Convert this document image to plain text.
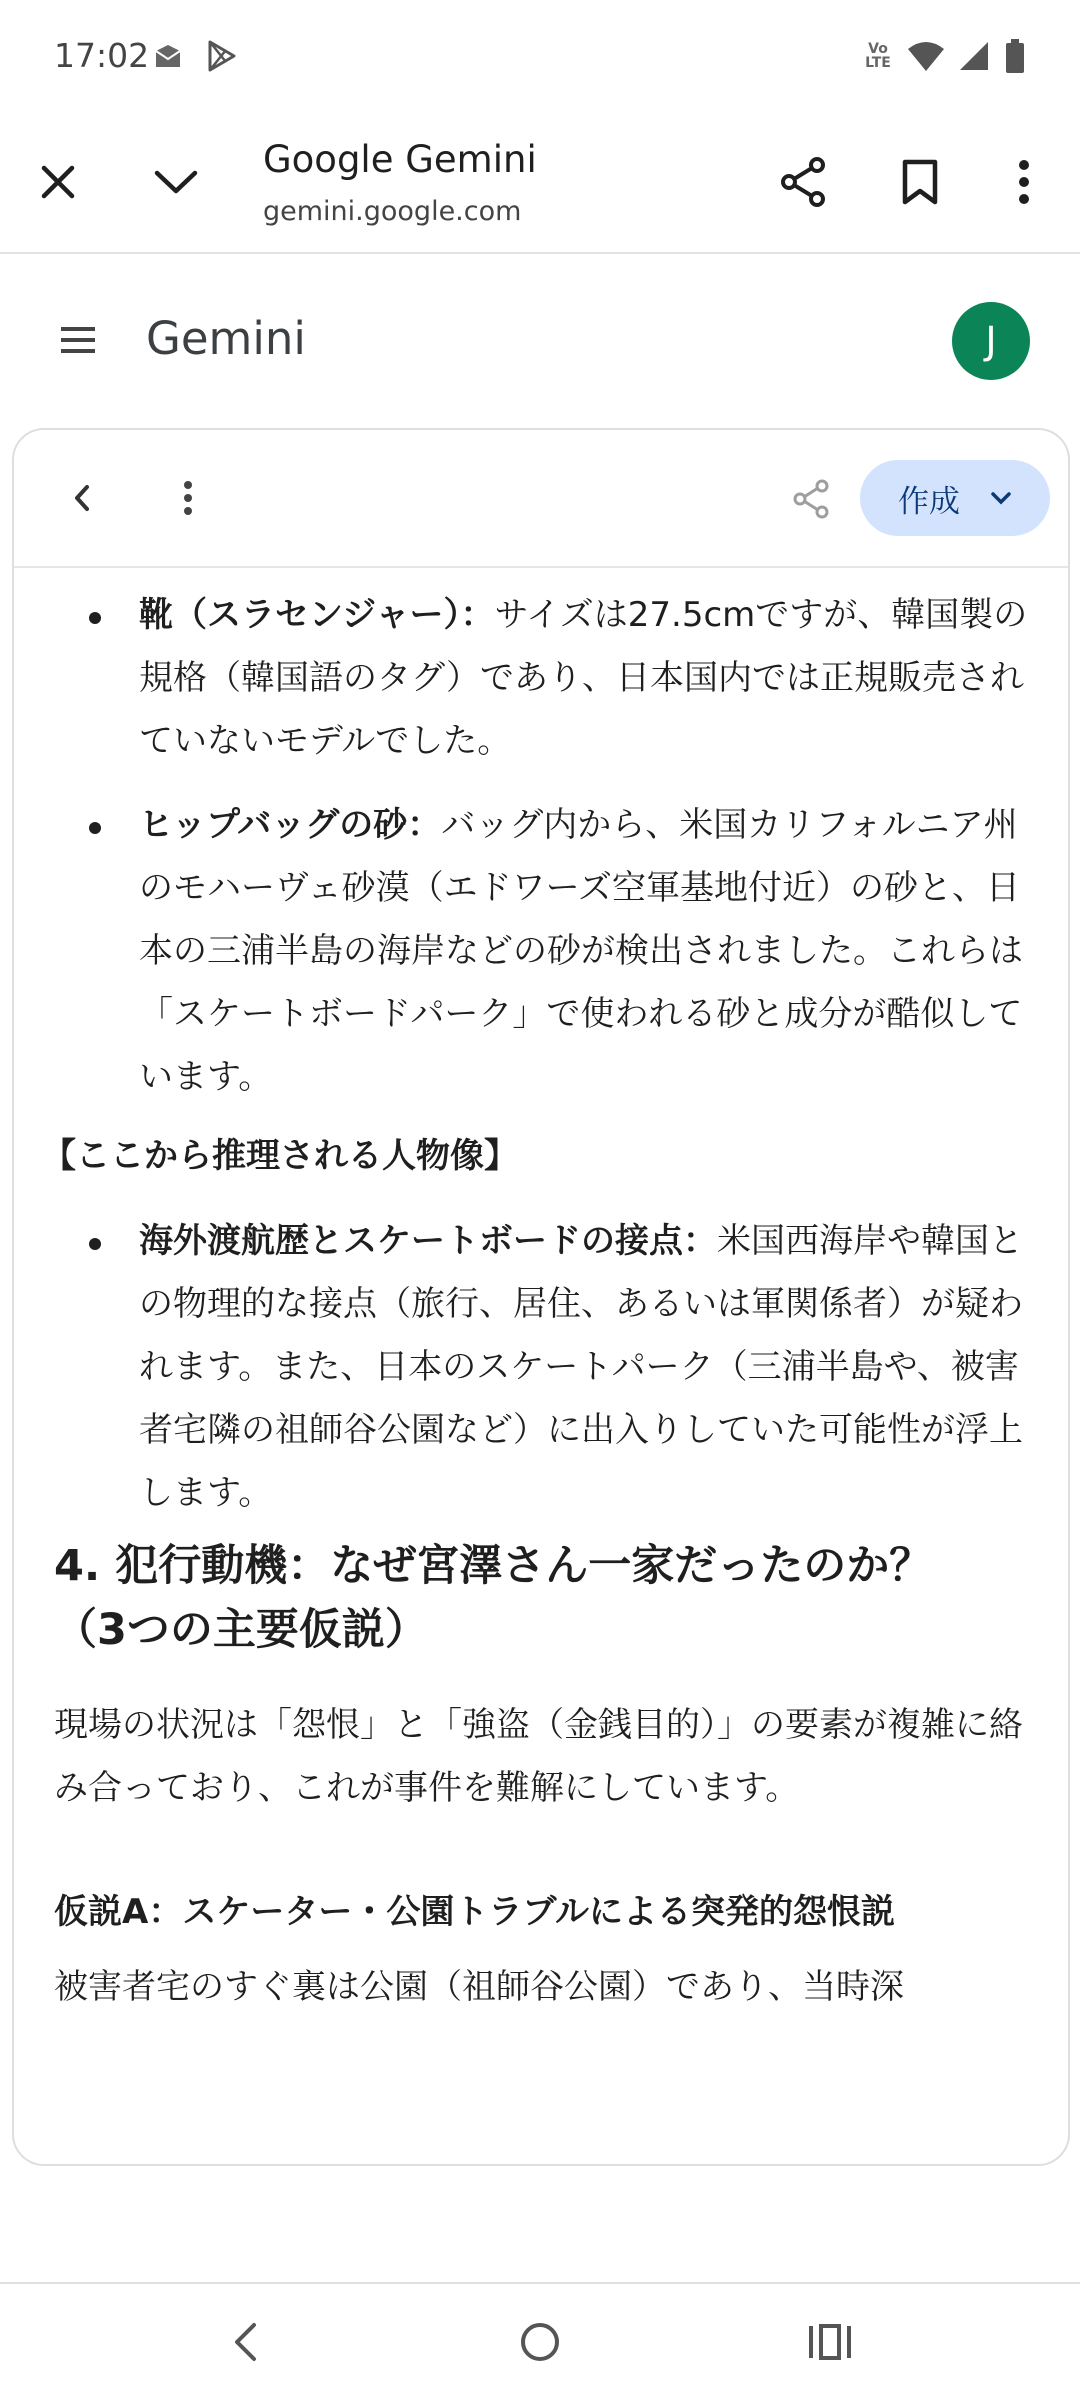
17:02	Vo LTE
Google Gemini
gemini.google.com
Gemini	J
作成

靴（スラセンジャー）：サイズは27.5cmですが、韓国製の規格（韓国語のタグ）であり、日本国内では正規販売されていないモデルでした。

ヒップバッグの砂：バッグ内から、米国カリフォルニア州のモハーヴェ砂漠（エドワーズ空軍基地付近）の砂と、日本の三浦半島の海岸などの砂が検出されました。これらは「スケートボードパーク」で使われる砂と成分が酷似しています。

【ここから推理される人物像】

海外渡航歴とスケートボードの接点：米国西海岸や韓国との物理的な接点（旅行、居住、あるいは軍関係者）が疑われます。また、日本のスケートパーク（三浦半島や、被害者宅隣の祖師谷公園など）に出入りしていた可能性が浮上します。

4. 犯行動機：なぜ宮澤さん一家だったのか？（3つの主要仮説）

現場の状況は「怨恨」と「強盗（金銭目的）」の要素が複雑に絡み合っており、これが事件を難解にしています。

仮説A：スケーター・公園トラブルによる突発的怨恨説

被害者宅のすぐ裏は公園（祖師谷公園）であり、当時深
